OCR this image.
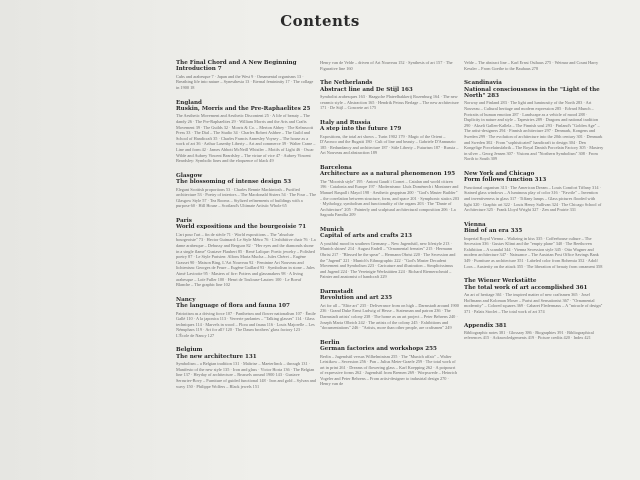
Contents
The Final Chord and A New Beginning
Introduction 7
Cubs and arabesque 7 · Japan and the West 9 · Ornamental organisms 13 · Breathing life into nature – Synesthesia 13 · Eternal femininity 17 · The collage in 1900 18
England
Ruskin, Morris and the Pre-Raphaelites 25
The Aesthetic Movement and Aesthetic Discontent 25 · A life of beauty – The dandy 26 · The Pre-Raphaelites 29 · William Morris and the Arts and Crafts Movement 39 · The Guilds 32 · Morris & Co. – Merton Abbey · The Kelmscott Press 33 · The Dial – The Studio 34 · Charles Robert Ashbee – The Guild and School of Handicraft 35 · Charles Francis Annesley Voysey – The house as a work of art 36 · Arthur Lasenby Liberty – Art and commerce 39 · Walter Crane – Line and form 42 · James Abbott McNeill Whistler – Motifs of Light 46 · Oscar Wilde and Aubrey Vincent Beardsley – The virtue of vice 47 · Aubrey Vincent Beardsley: Symbolic lines and the eloquence of black 49
Glasgow
The blossoming of intense design 53
Elegant Scottish proportions 53 · Charles Rennie Mackintosh – Purified architecture 53 · Poetry of interiors – The Macdonald Sisters 54 · The Four – The Glasgow Style 57 · Tea Rooms – Stylized refinements of buildings with a purpose 60 · Hill House – Scotland's Ultimate Artistic Whole 65
Paris
World expositions and the bourgeoisie 71
L'art pour l'art – fin de siècle 71 · World expositions – The "absolute bourgeoisie" 73 · Hector Guimard: Le Style Métro 76 · L'exhibitive chair 76 · La dame arabesque – Debussy and Bergson 82 · "Her eyes and the diamonds shone in a single flame" Gustave Flaubert 85 · René Lalique: Poetic jewelry – Polished poetry 87 · Le Style Parisien: Alfons Maria Mucha – Jules Chéret – Eugène Grasset 90 · Maison Bing, L'Art Nouveau 92 · Feminine Art Nouveau and lichtenism: Georges de Feure – Eugène Gaillard 93 · Symbolism in stone – Jules Aimé Lavirotte 95 · Masters of fire: Potters and glassmakers 98 · A living arabesque – Loïe Fuller 100 · Henri de Toulouse-Lautrec 100 · Le Boeuf Blanche – The graphic line 102
Nancy
The language of flora and fauna 107
Patriotism as a driving force 107 · Pantheism and flower nationalism 107 · Émile Gallé 110 · A la japonica 113 · Verrerie parlantes – "Talking glasses" 114 · Glass techniques 114 · Marvels in wood – Flora and fauna 116 · Louis Majorelle – Les Nénuphars 119 · Art for all? 120 · The Daum brothers' glass factory 123 · L'École de Nancy 127
Belgium
The new architecture 131
Symbolism – a Belgian tradition 131 · Maîtrise – Maeterlinck – through 131 · Manifesto of the new style 135 · Iron and glass · Victor Horta 136 · The Belgian line 137 · Heyday of architecture – Brussels around 1900 143 · Gustave Serrurier-Bovy – Furniture of guided functional 148 · Iron and gold – Sylvan and wavy 150 · Philippe Wolfers – Black jewels 151
Henry van de Velde – driven of Art Nouveau 152 · Synthesis of art 157 · The Figurative line 160
The Netherlands
Abstract line and De Stijl 163
Symbolist arabesques 163 · Haagsche Plateelbakkerij Rozenburg 164 · The new ceramic style – Abstraction 165 · Hendrik Petrus Berlage – The new architecture 171 · De Stijl – Concrete art 175
Italy and Russia
A step into the future 179
Expositions, the total art shows – Turin 1902 179 · Magic of the Orient – D'Aronco and the Bugatti 180 · Cult of line and beauty – Gabriele D'Annunzio 185 · Redundancy and architecture 187 · Stile Liberty – Futurism 187 · Russia – Art Nouveau and abstraction 189
Barcelona
Architecture as a natural phenomenon 195
The "Moorish style" 195 · Antoni Gaudí i Cornet – Catalan and world citizen 196 · Catalonia and Europe 197 · Modernismo: Lluís Domènech i Montaner and Manuel Raspall i Mayol 198 · Aesthetic gruppism 200 · "God's Master Builder" – the correlation between structure, form, and space 201 · Symphonic statics 203 · Mythology, symbolism and functionality of the organs 203 · The "Dante of Architecture" 205 · Painterly and sculptural architectural composition 206 · La Sagrada Família 209
Munich
Capital of arts and crafts 213
A youthful mood in southern Germany – New Jugendstil, new lifestyle 213 · Munich shines! 214 · August Endell – "Ornamental frenzies" 215 · Hermann Obrist 217 · "Blessed be the spear" – Hermann Obrist 220 · The Secession and the "Jugend" 221 · Munich's Ethnographic 222 · "God's Master Decadent Movement and Symbolism 223 · Caricature and illustration – Simplicissimus and Jugend 224 · The Vereinigte Werkstätten 224 · Richard Riemerschmid – Painter and anatomist of handcraft 229
Darmstadt
Revolution and art 235
Art for all – "Elite art" 235 · Deliverance from on high – Darmstadt around 1900 236 · Grand Duke Ernst Ludwig of Hesse – Statesman and patron 236 · The Darmstadt artists' colony 238 · The home as an art project – Peter Behrens 240 · Joseph Maria Olbrich 242 · The artists of the colony 245 · Exhibitions and "documentations" 246 · "Artists, more than other people, are craftsmen" 249
Berlin
German factories and workshops 255
Berlin – Jugendstil versus Wilhelminism 255 · The "Munich affair" – Walter Leistikow – Secession 256 · Pan – Julius Meier-Graefe 259 · The total work of art in print 261 · Dreams of flowering glass – Karl Koepping 262 · A potpourri of expressive forms 262 · Jugendstil from Bremen 269 · Worpswede – Heinrich Vogeler and Peter Behrens – From artist-designer to industrial design 270 · Henry van de
Velde – The abstract line – Karl Ernst Osthaus 275 · Weimar and Count Harry Kessler – From Goethe to the Bauhaus 278
Scandinavia
National consciousness in the "Light of the North" 283
Norway and Finland 283 · The light and luminosity of the North 283 · Art Nouveau – Cultural heritage and modern expression 285 · Edvard Munch – Portraits of human emotion 287 · Landscape as a vehicle of mood 288 · Duplicity in nature and style – Tapestries 289 · Dragons and national tradition 290 · Akseli Gallen-Kallela – The Finnish soul 293 · Finland's "Golden Age" – The artist-designers 294 · Finnish architecture 297 · Denmark, Kongens and Sweden 299 · The evolution of architecture into the 20th century 301 · Denmark and Sweden 302 · From "sophisticated" handicraft to design 304 · Den Kongelige Porcelainsfabrik – The Royal Danish Porcelain Factory 305 · Mastery in silver – Georg Jensen 307 · Visions and "Northern Symbolism" 308 · From North to South 309
New York and Chicago
Form follows function 313
Functional organism 313 · The American Dream – Louis Comfort Tiffany 314 · Stained glass windows – A luminous play of color 316 · "Favrile" – Invention and inventiveness in glass 317 · Tiffany lamps – Glass pictures flooded with light 320 · Graphic art 322 · Louis Henry Sullivan 324 · The Chicago School of Architecture 325 · Frank Lloyd Wright 327 · Zen and Prairie 331
Vienna
Bind of an era 335
Imperial Royal Vienna – Waltzing in kiss 335 · Coffeehouse culture – The Secession 336 · Gustav Klimt and the "empty plane" 340 · The Beethoven Exhibition – A scandal 344 · Vienna Secession style 345 · Otto Wagner and modern architecture 347 · Naissance – The Austrian Post Office Savings Bank 349 · Furniture as architecture 351 · Labeled color from Bohemia 352 · Adolf Loos – Austerity on the attack 355 · The liberation of beauty from ornament 358
The Wiener Werkstätte
The total work of art accomplished 361
An art of heritage 361 · The inspired matter of new craftsmen 365 · Josef Hoffmann and Koloman Moser – Purist and Sensationist 367 · "Ornamental modernity" – Colored squares 369 · Cabaret Fledermaus – A "miracle of design" 371 · Palais Stoclet – The total work of art 374
Appendix 381
Bibliographic notes 381 · Glossary 386 · Biographies 391 · Bibliographical references 415 · Acknowledgements 419 · Picture credits 420 · Index 421
